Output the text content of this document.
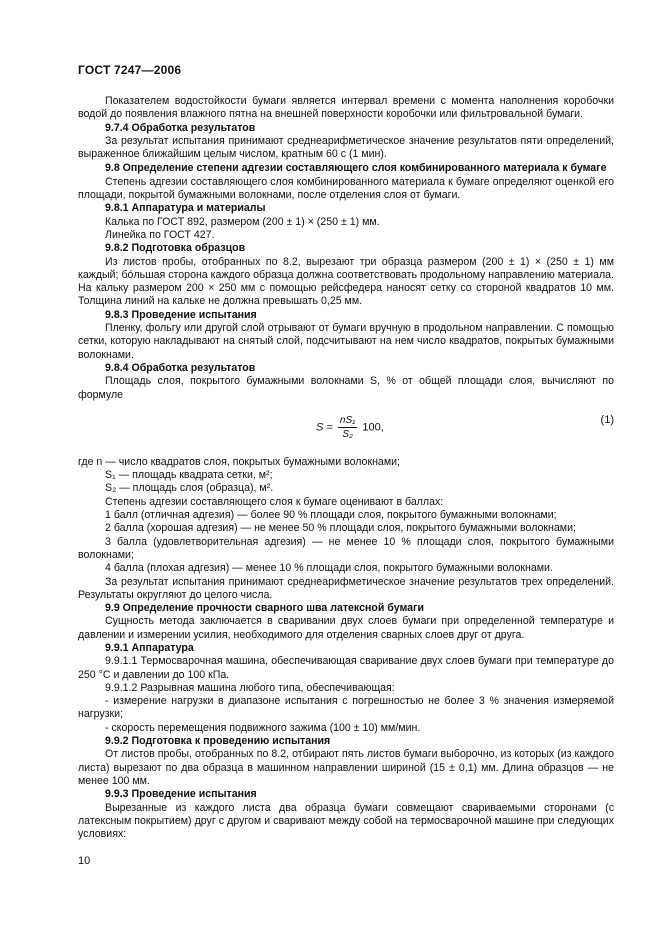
ГОСТ 7247—2006

Показателем водостойкости бумаги является интервал времени с момента наполнения коробочки водой до появления влажного пятна на внешней поверхности коробочки или фильтровальной бумаги.

9.7.4 Обработка результатов

За результат испытания принимают среднеарифметическое значение результатов пяти определений, выраженное ближайшим целым числом, кратным 60 с (1 мин).

9.8 Определение степени адгезии составляющего слоя комбинированного материала к бумаге

Степень адгезии составляющего слоя комбинированного материала к бумаге определяют оценкой его площади, покрытой бумажными волокнами, после отделения слоя от бумаги.

9.8.1 Аппаратура и материалы

Калька по ГОСТ 892, размером (200 ± 1) × (250 ± 1) мм.

Линейка по ГОСТ 427.

9.8.2 Подготовка образцов

Из листов пробы, отобранных по 8.2, вырезают три образца размером (200 ± 1) × (250 ± 1) мм каждый; бóльшая сторона каждого образца должна соответствовать продольному направлению материала. На кальку размером 200 × 250 мм с помощью рейсфедера наносят сетку со стороной квадратов 10 мм. Толщина линий на кальке не должна превышать 0,25 мм.

9.8.3 Проведение испытания

Пленку, фольгу или другой слой отрывают от бумаги вручную в продольном направлении. С помощью сетки, которую накладывают на снятый слой, подсчитывают на нем число квадратов, покрытых бумажными волокнами.

9.8.4 Обработка результатов

Площадь слоя, покрытого бумажными волокнами S, % от общей площади слоя, вычисляют по формуле

$S = \frac{\text{nS₁}}{\text{S₂}} 100$,
(1)

где n — число квадратов слоя, покрытых бумажными волокнами;

S₁ — площадь квадрата сетки, м²;

S₂ — площадь слоя (образца), м².

Степень адгезии составляющего слоя к бумаге оценивают в баллах:

1 балл (отличная адгезия) — более 90 % площади слоя, покрытого бумажными волокнами;

2 балла (хорошая адгезия) — не менее 50 % площади слоя, покрытого бумажными волокнами;

3 балла (удовлетворительная адгезия) — не менее 10 % площади слоя, покрытого бумажными волокнами;

4 балла (плохая адгезия) — менее 10 % площади слоя, покрытого бумажными волокнами.

За результат испытания принимают среднеарифметическое значение результатов трех определений. Результаты округляют до целого числа.

9.9 Определение прочности сварного шва латексной бумаги

Сущность метода заключается в сваривании двух слоев бумаги при определенной температуре и давлении и измерении усилия, необходимого для отделения сварных слоев друг от друга.

9.9.1 Аппаратура

9.9.1.1 Термосварочная машина, обеспечивающая сваривание двух слоев бумаги при температуре до 250 °С и давлении до 100 кПа.

9.9.1.2 Разрывная машина любого типа, обеспечивающая:

- измерение нагрузки в диапазоне испытания с погрешностью не более 3 % значения измеряемой нагрузки;

- скорость перемещения подвижного зажима (100 ± 10) мм/мин.

9.9.2 Подготовка к проведению испытания

От листов пробы, отобранных по 8.2, отбирают пять листов бумаги выборочно, из которых (из каждого листа) вырезают по два образца в машинном направлении шириной (15 ± 0,1) мм. Длина образцов — не менее 100 мм.

9.9.3 Проведение испытания

Вырезанные из каждого листа два образца бумаги совмещают свариваемыми сторонами (с латексным покрытием) друг с другом и сваривают между собой на термосварочной машине при следующих условиях:

10
